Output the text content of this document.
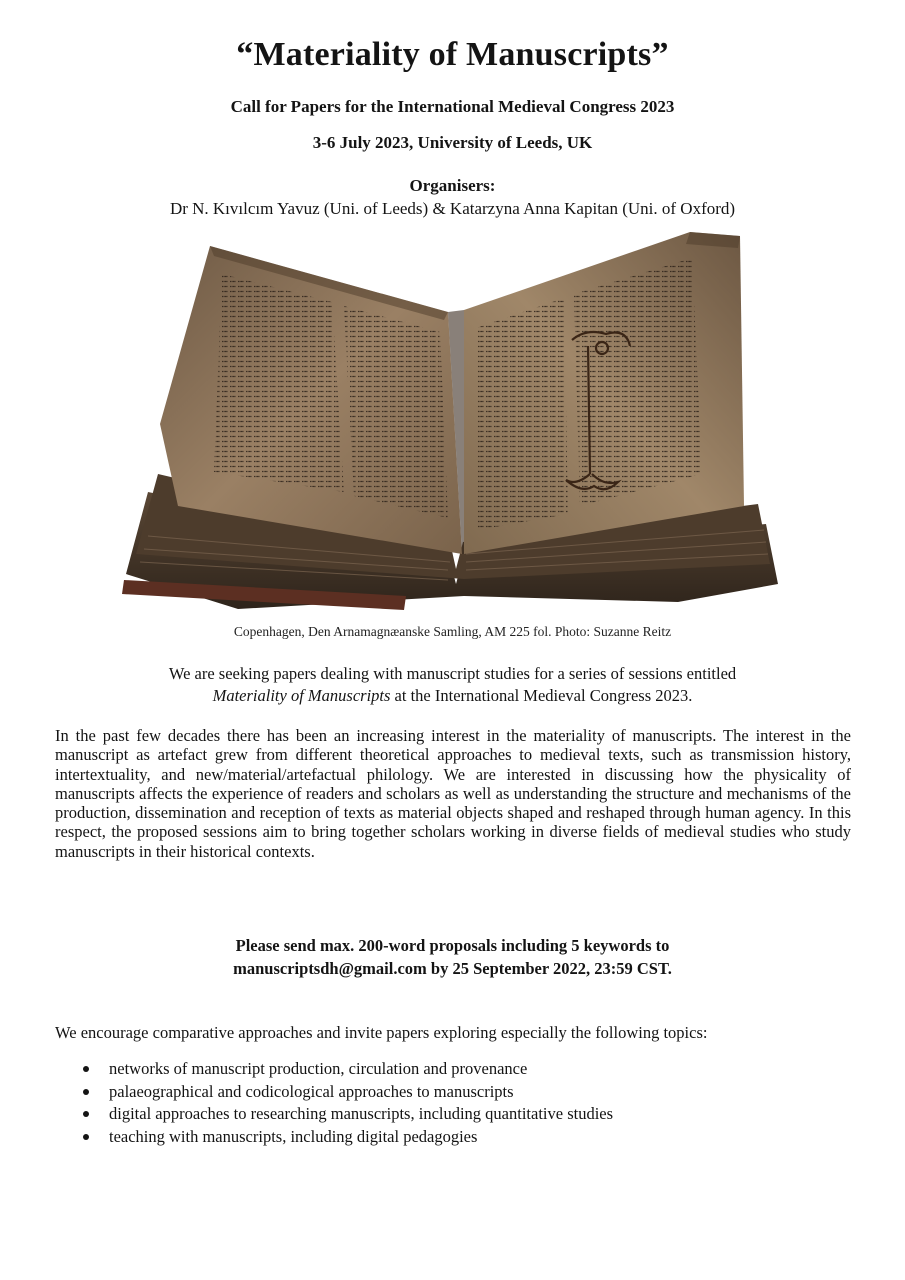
“Materiality of Manuscripts”
Call for Papers for the International Medieval Congress 2023
3-6 July 2023, University of Leeds, UK
Organisers:
Dr N. Kıvılcım Yavuz (Uni. of Leeds) & Katarzyna Anna Kapitan (Uni. of Oxford)
Copenhagen, Den Arnamagnæanske Samling, AM 225 fol. Photo: Suzanne Reitz
We are seeking papers dealing with manuscript studies for a series of sessions entitled
Materiality of Manuscripts at the International Medieval Congress 2023.
In the past few decades there has been an increasing interest in the materiality of manuscripts. The interest in the manuscript as artefact grew from different theoretical approaches to medieval texts, such as transmission history, intertextuality, and new/material/artefactual philology. We are interested in discussing how the physicality of manuscripts affects the experience of readers and scholars as well as understanding the structure and mechanisms of the production, dissemination and reception of texts as material objects shaped and reshaped through human agency. In this respect, the proposed sessions aim to bring together scholars working in diverse fields of medieval studies who study manuscripts in their historical contexts.
Please send max. 200-word proposals including 5 keywords to
manuscriptsdh@gmail.com by 25 September 2022, 23:59 CST.
We encourage comparative approaches and invite papers exploring especially the following topics:
networks of manuscript production, circulation and provenance
palaeographical and codicological approaches to manuscripts
digital approaches to researching manuscripts, including quantitative studies
teaching with manuscripts, including digital pedagogies
